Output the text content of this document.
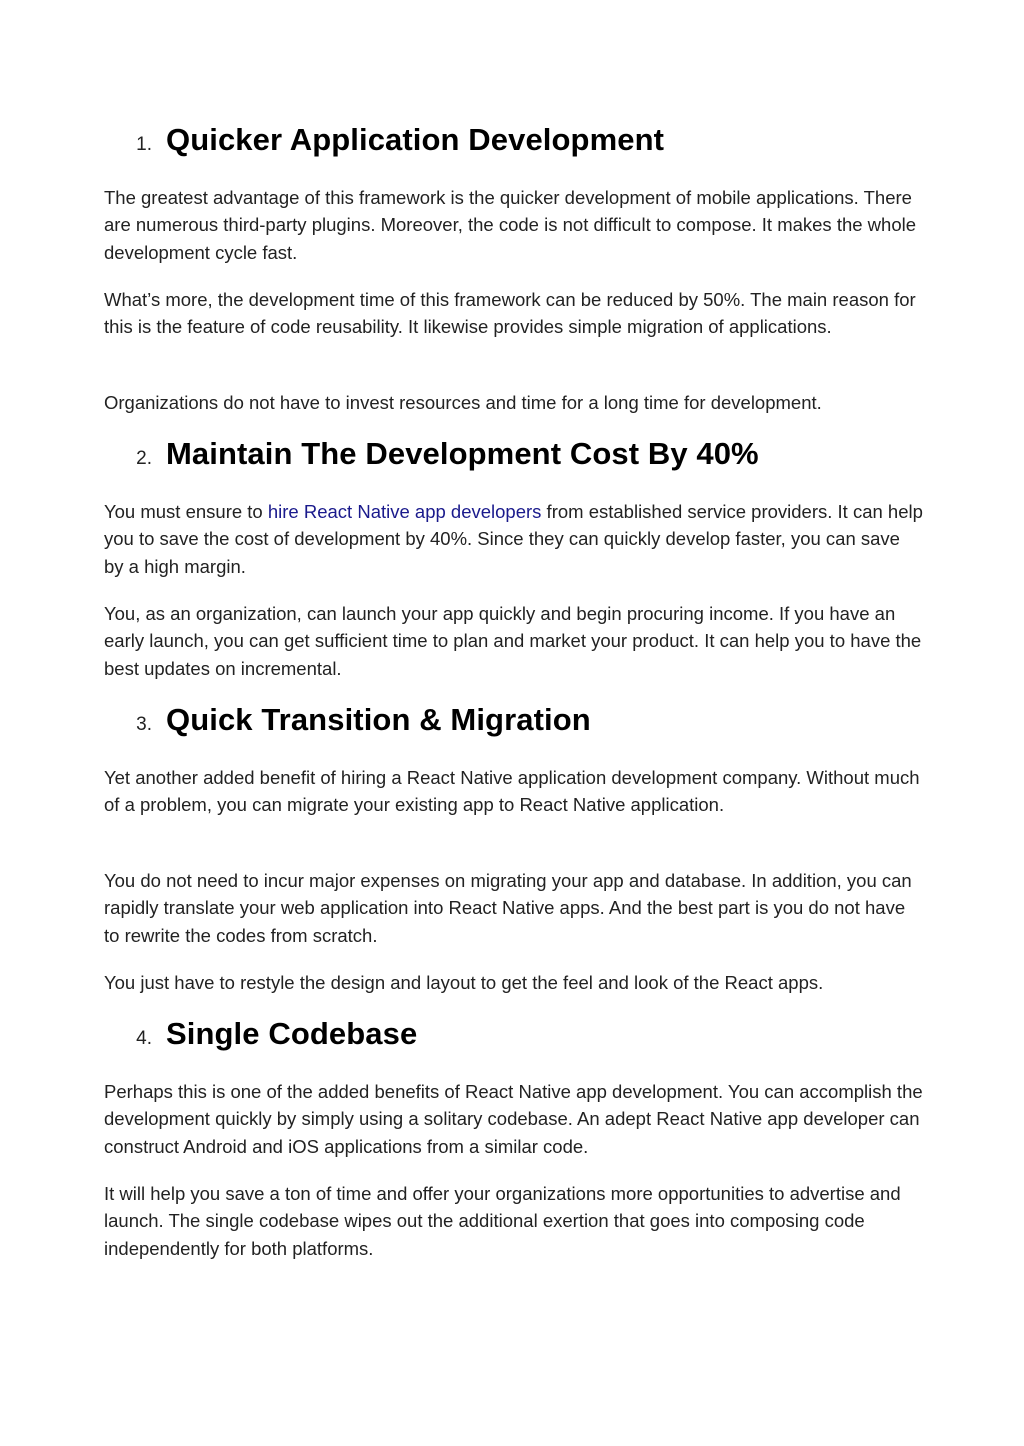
1. Quicker Application Development

The greatest advantage of this framework is the quicker development of mobile applications. There are numerous third-party plugins. Moreover, the code is not difficult to compose. It makes the whole development cycle fast.

What’s more, the development time of this framework can be reduced by 50%. The main reason for this is the feature of code reusability. It likewise provides simple migration of applications.

Organizations do not have to invest resources and time for a long time for development.

2. Maintain The Development Cost By 40%

You must ensure to hire React Native app developers from established service providers. It can help you to save the cost of development by 40%. Since they can quickly develop faster, you can save by a high margin.

You, as an organization, can launch your app quickly and begin procuring income. If you have an early launch, you can get sufficient time to plan and market your product. It can help you to have the best updates on incremental.

3. Quick Transition & Migration

Yet another added benefit of hiring a React Native application development company. Without much of a problem, you can migrate your existing app to React Native application.

You do not need to incur major expenses on migrating your app and database. In addition, you can rapidly translate your web application into React Native apps. And the best part is you do not have to rewrite the codes from scratch.

You just have to restyle the design and layout to get the feel and look of the React apps.

4. Single Codebase

Perhaps this is one of the added benefits of React Native app development. You can accomplish the development quickly by simply using a solitary codebase. An adept React Native app developer can construct Android and iOS applications from a similar code.

It will help you save a ton of time and offer your organizations more opportunities to advertise and launch. The single codebase wipes out the additional exertion that goes into composing code independently for both platforms.
